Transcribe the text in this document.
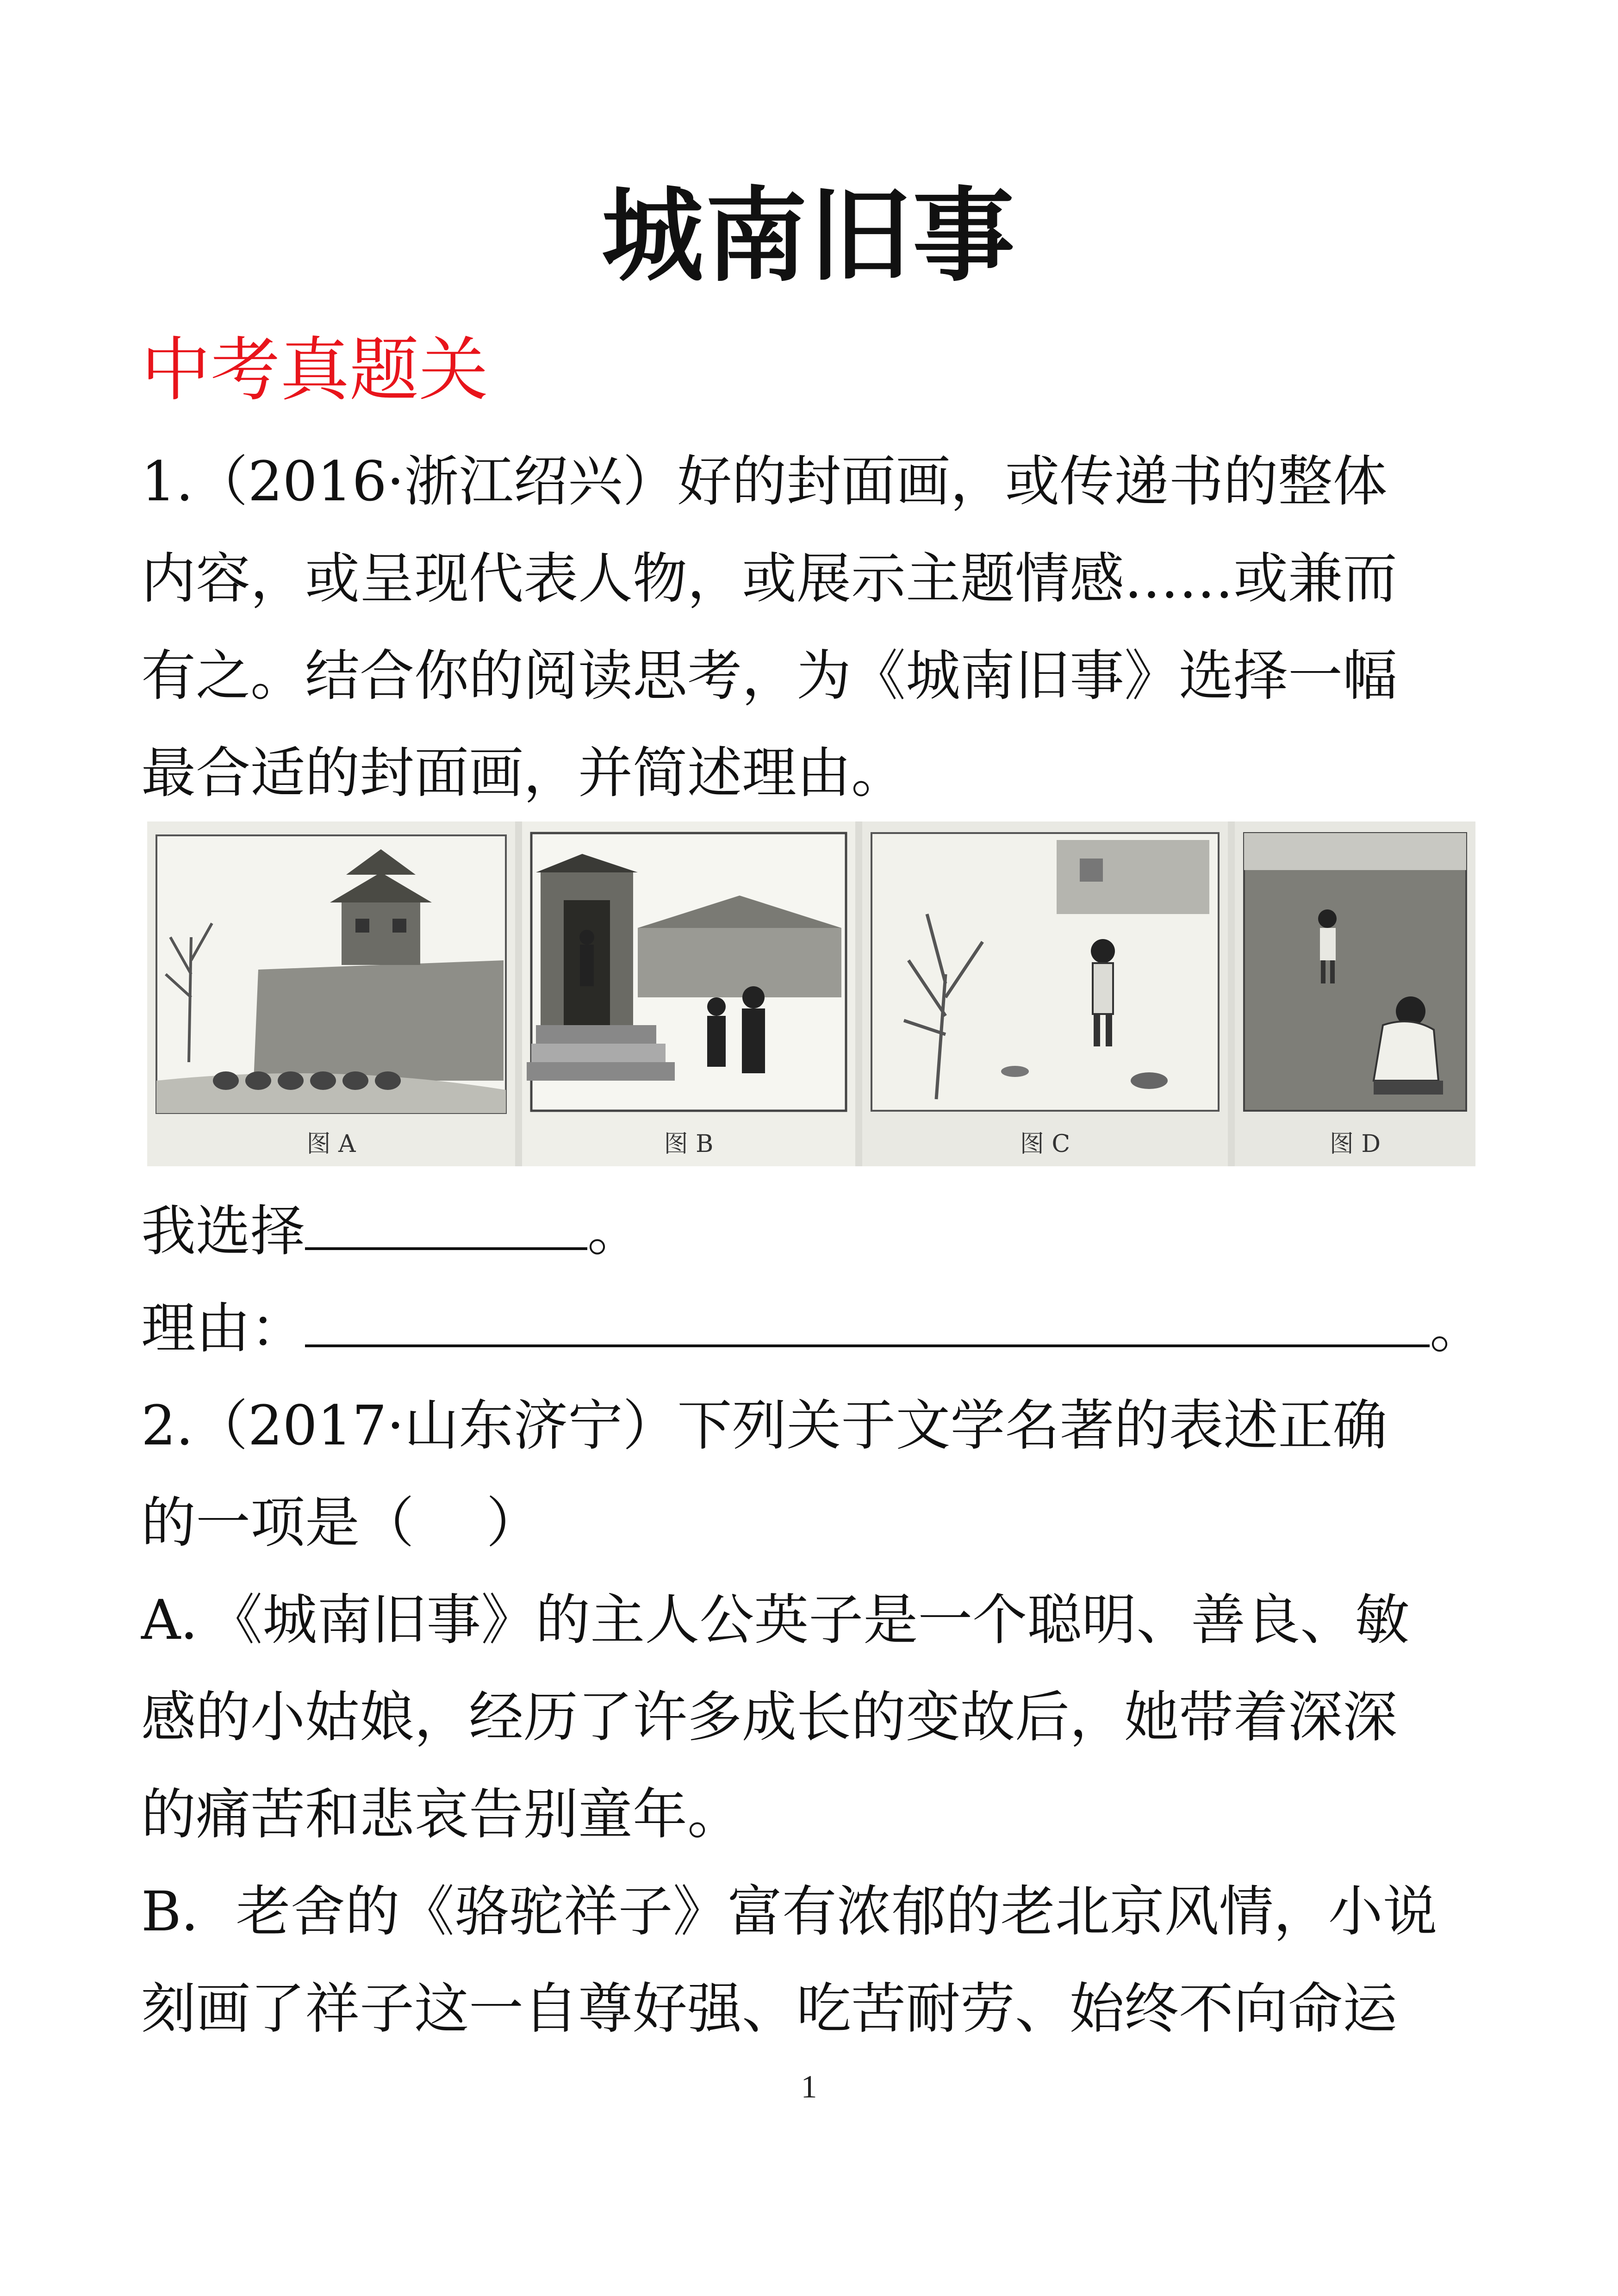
城南旧事
中考真题关
1.（2016·浙江绍兴）好的封面画，或传递书的整体
内容，或呈现代表人物，或展示主题情感……或兼而
有之。结合你的阅读思考，为《城南旧事》选择一幅
最合适的封面画，并简述理由。
图 A	图 B	图 C	图 D
我选择	。
理由：	。
2.（2017·山东济宁）下列关于文学名著的表述正确
的一项是（　 ）
A．《城南旧事》的主人公英子是一个聪明、善良、敏
感的小姑娘，经历了许多成长的变故后，她带着深深
的痛苦和悲哀告别童年。
B．老舍的《骆驼祥子》富有浓郁的老北京风情，小说
刻画了祥子这一自尊好强、吃苦耐劳、始终不向命运
1
